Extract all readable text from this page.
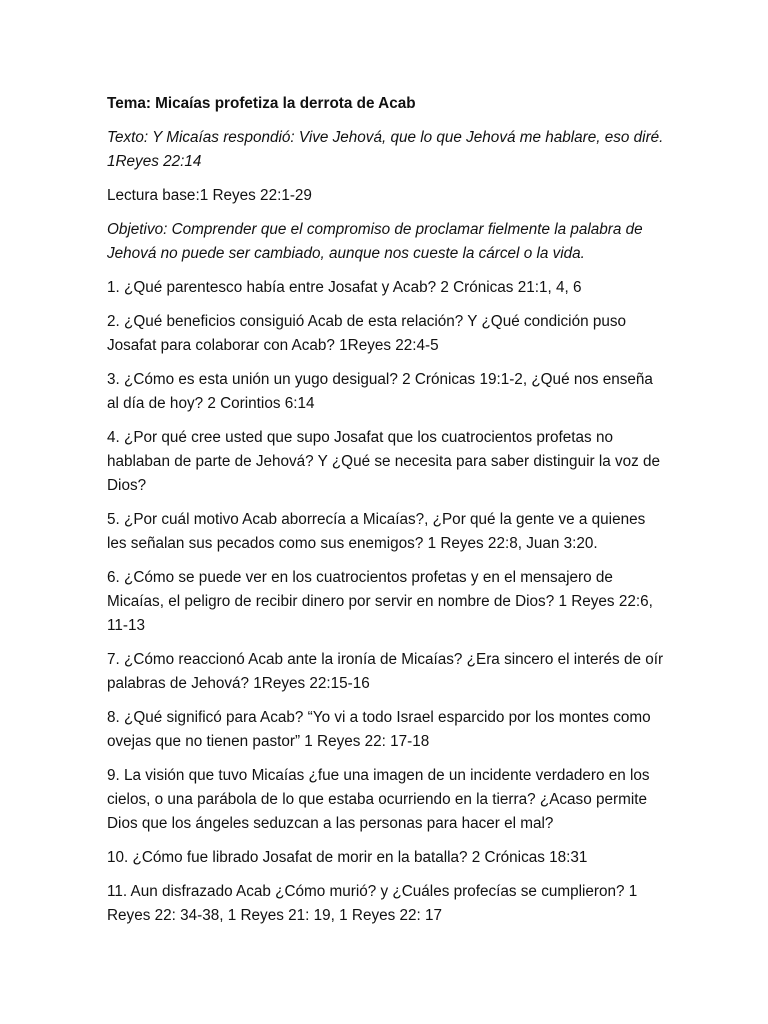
Tema: Micaías profetiza la derrota de Acab

Texto: Y Micaías respondió: Vive Jehová, que lo que Jehová me hablare, eso diré. 1Reyes 22:14

Lectura base:1 Reyes 22:1-29

Objetivo: Comprender que el compromiso de proclamar fielmente la palabra de Jehová no puede ser cambiado, aunque nos cueste la cárcel o la vida.

1. ¿Qué parentesco había entre Josafat y Acab? 2 Crónicas 21:1, 4, 6

2. ¿Qué beneficios consiguió Acab de esta relación? Y ¿Qué condición puso Josafat para colaborar con Acab? 1Reyes 22:4-5

3. ¿Cómo es esta unión un yugo desigual? 2 Crónicas 19:1-2, ¿Qué nos enseña al día de hoy? 2 Corintios 6:14

4. ¿Por qué cree usted que supo Josafat que los cuatrocientos profetas no hablaban de parte de Jehová? Y ¿Qué se necesita para saber distinguir la voz de Dios?

5. ¿Por cuál motivo Acab aborrecía a Micaías?, ¿Por qué la gente ve a quienes les señalan sus pecados como sus enemigos? 1 Reyes 22:8, Juan 3:20.

6. ¿Cómo se puede ver en los cuatrocientos profetas y en el mensajero de Micaías, el peligro de recibir dinero por servir en nombre de Dios? 1 Reyes 22:6, 11-13

7. ¿Cómo reaccionó Acab ante la ironía de Micaías? ¿Era sincero el interés de oír palabras de Jehová? 1Reyes 22:15-16

8. ¿Qué significó para Acab? “Yo vi a todo Israel esparcido por los montes como ovejas que no tienen pastor” 1 Reyes 22: 17-18

9. La visión que tuvo Micaías ¿fue una imagen de un incidente verdadero en los cielos, o una parábola de lo que estaba ocurriendo en la tierra? ¿Acaso permite Dios que los ángeles seduzcan a las personas para hacer el mal?

10. ¿Cómo fue librado Josafat de morir en la batalla? 2 Crónicas 18:31

11. Aun disfrazado Acab ¿Cómo murió? y ¿Cuáles profecías se cumplieron? 1 Reyes 22: 34-38, 1 Reyes 21: 19, 1 Reyes 22: 17
